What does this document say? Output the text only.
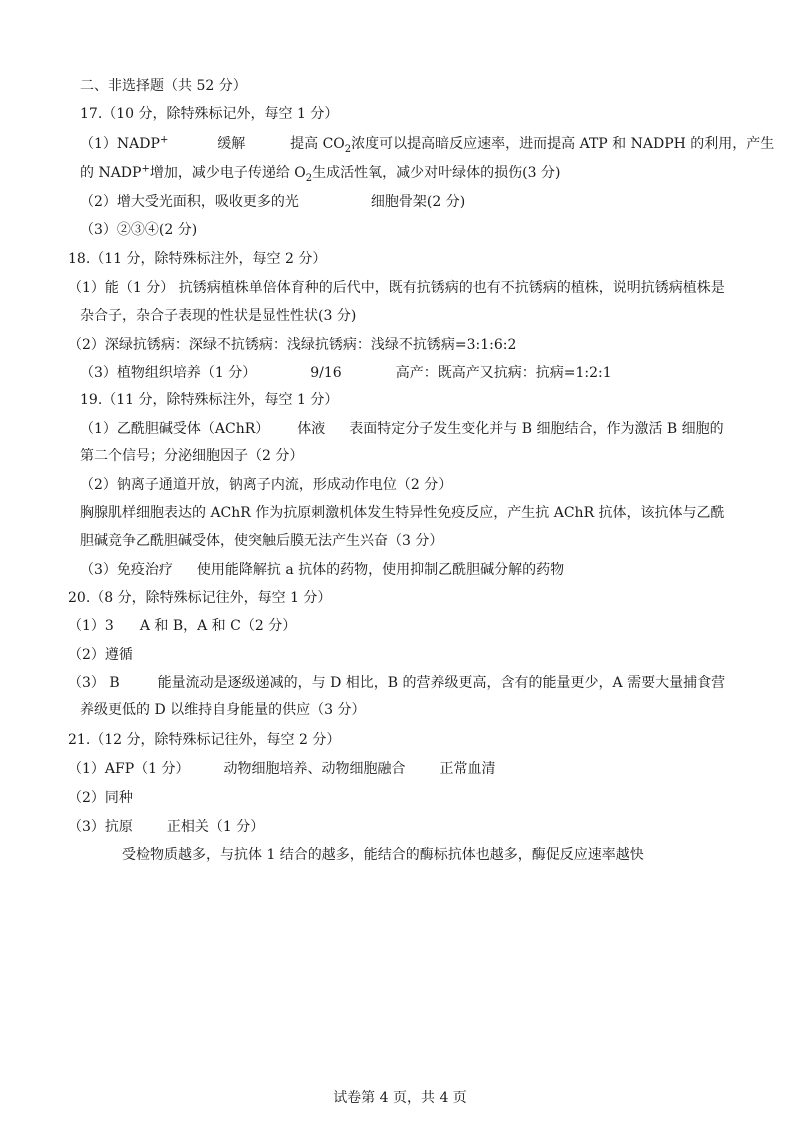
二、非选择题（共 52 分）
17.（10 分，除特殊标记外，每空 1 分）
（1）NADP+	缓解	提高 $CO_2$浓度可以提高暗反应速率，进而提高 ATP 和 NADPH 的利用，产生
的 NADP+增加，减少电子传递给 $O_2$生成活性氧，减少对叶绿体的损伤(3 分)
（2）增大受光面积，吸收更多的光	细胞骨架(2 分)
（3）②③④(2 分)
18.（11 分，除特殊标注外，每空 2 分）
（1）能（1 分） 抗锈病植株单倍体育种的后代中，既有抗锈病的也有不抗锈病的植株，说明抗锈病植株是
杂合子，杂合子表现的性状是显性性状(3 分)
（2）深绿抗锈病：深绿不抗锈病：浅绿抗锈病：浅绿不抗锈病=3:1:6:2
（3）植物组织培养（1 分）	9/16	高产：既高产又抗病：抗病=1:2:1
19.（11 分，除特殊标注外，每空 1 分）
（1）乙酰胆碱受体（AChR） 体液 表面特定分子发生变化并与 B 细胞结合，作为激活 B 细胞的
第二个信号；分泌细胞因子（2 分）
（2）钠离子通道开放，钠离子内流，形成动作电位（2 分）
胸腺肌样细胞表达的 AChR 作为抗原刺激机体发生特异性免疫反应，产生抗 AChR 抗体，该抗体与乙酰
胆碱竞争乙酰胆碱受体，使突触后膜无法产生兴奋（3 分）
（3）免疫治疗 使用能降解抗 a 抗体的药物，使用抑制乙酰胆碱分解的药物
20.（8 分，除特殊标记往外，每空 1 分）
（1）3 A 和 B，A 和 C（2 分）
（2）遵循
（3） B	能量流动是逐级递减的，与 D 相比，B 的营养级更高，含有的能量更少，A 需要大量捕食营
养级更低的 D 以维持自身能量的供应（3 分）
21.（12 分，除特殊标记往外，每空 2 分）
（1）AFP（1 分） 动物细胞培养、动物细胞融合 正常血清
（2）同种
（3）抗原 正相关（1 分）
受检物质越多，与抗体 1 结合的越多，能结合的酶标抗体也越多，酶促反应速率越快
试卷第 4 页，共 4 页
